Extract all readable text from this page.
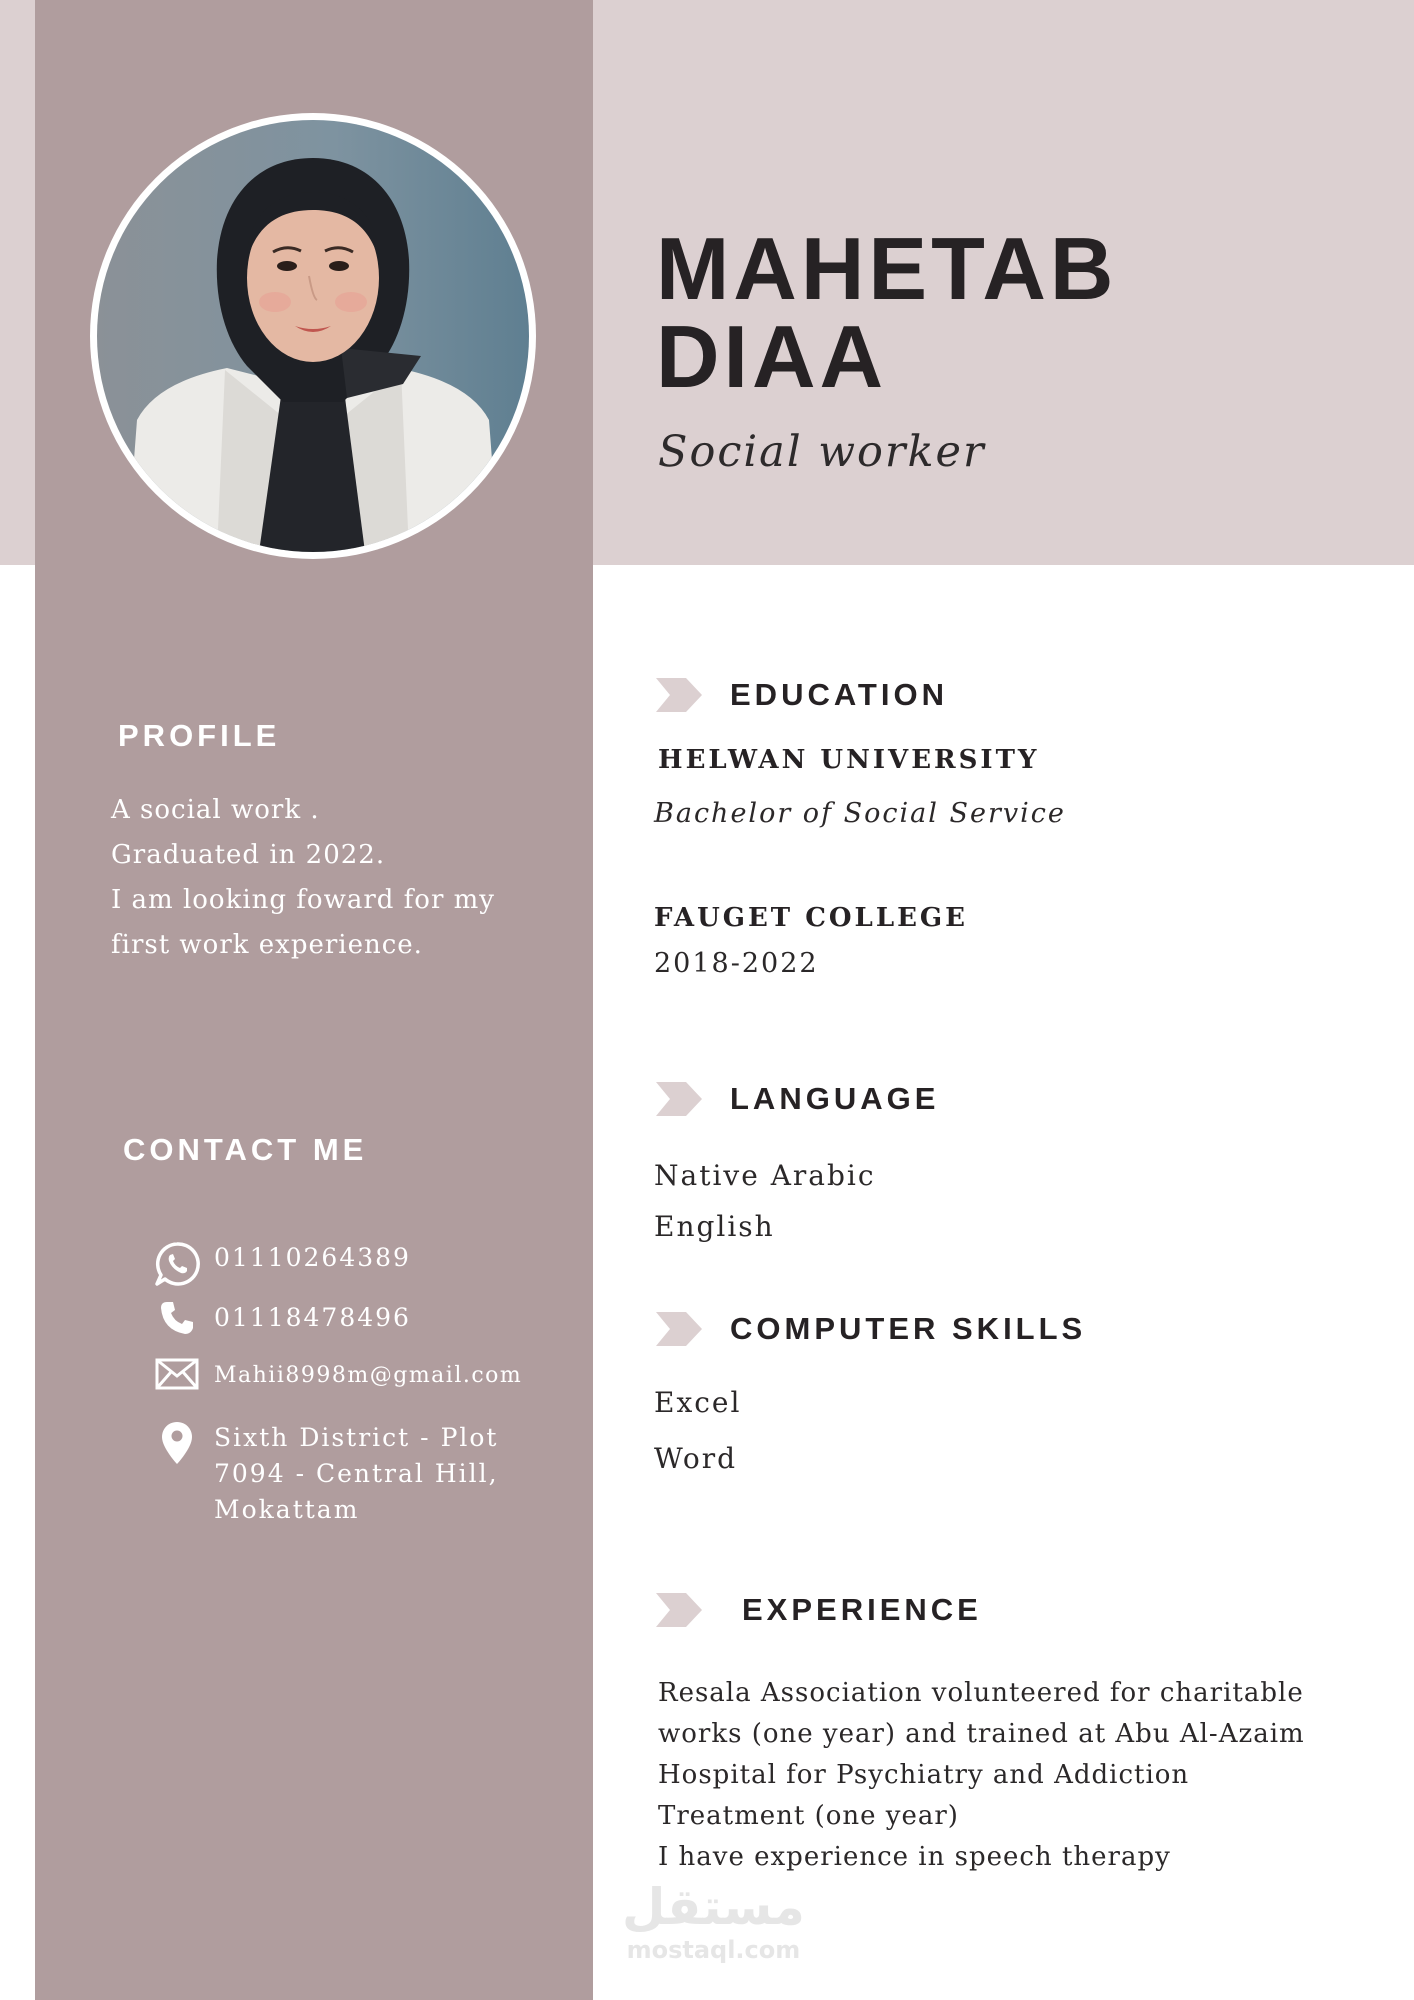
MAHETAB
DIAA
Social worker
PROFILE
A social work .
Graduated in 2022.
I am looking foward for my
first work experience.
CONTACT ME
01110264389
01118478496
Mahii8998m@gmail.com
Sixth District - Plot
7094 - Central Hill,
Mokattam
EDUCATION
HELWAN UNIVERSITY
Bachelor of Social Service
FAUGET COLLEGE
2018-2022
LANGUAGE
Native Arabic
English
COMPUTER SKILLS
Excel
Word
EXPERIENCE
Resala Association volunteered for charitable
works (one year) and trained at Abu Al-Azaim
Hospital for Psychiatry and Addiction
Treatment (one year)
I have experience in speech therapy
مستقل
mostaql.com
